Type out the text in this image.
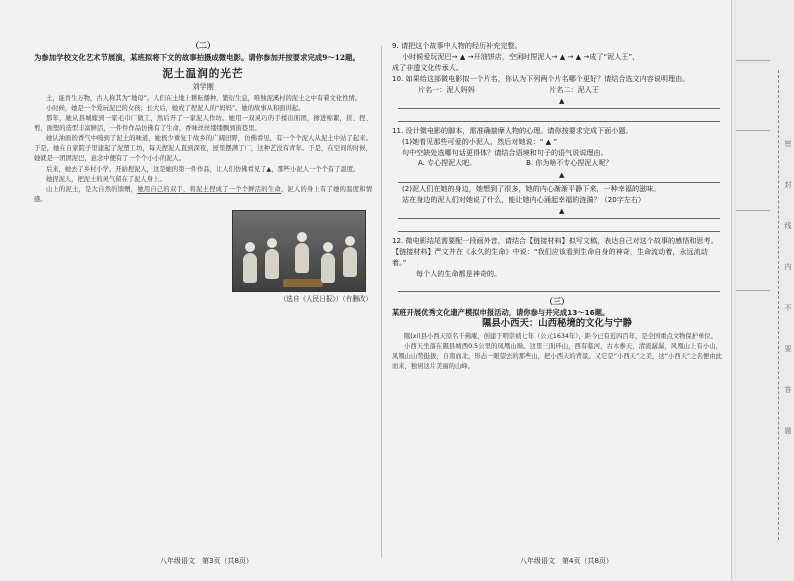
（二）
为参加学校文化艺术节展演，某班拟将下文的故事拍摄成微电影。请你参加并按要求完成9～12题。
泥土温润的光芒
刘学刚

土，能育生万物，古人称其为“地母”。人们在土地上耕耘播种、繁衍生息，唯独泥溪村的泥土之中有着文化性情。

小时候，她是一个爱玩泥巴的女孩；长大后，她成了捏泥人的“妈妈”。她的故事从和面讲起。

那年，她从县城嫁到一家毛巾厂做工，然后开了一家泥人作坊。她用一双灵巧的手揉出面团，掺进棉絮，搓、捏、剪，面塑的造型丰富鲜活，一件件作品仿佛有了生命，香味丝丝缕缕飘到街巷里。

她认油面的香气中嗅到了泥土的味道，她极少重复于故乡的广阔田野，仿佛看见，有一个个泥人从泥土中站了起来。于是，她在自家院子里建起了泥塑工坊，每天捏泥人直到深夜，屋里摆满了厂，这种艺没有青年。于是，在空间的时候，她就是一团团泥巴，意念中便有了一个个小小的泥人。

后来，她去了乡村小学，开始捏泥人，这是她的第一件作品，让人们仿佛看见了▲，那些小泥人一个个有了温度。

她捏泥人，把泥土的灵气留在了泥人身上。

山上的泥土，是大自然的馈赠，她用自己的双手，将泥土捏成了一个个鲜活的生命，泥人的身上有了她的温度和情感。

（选自《人民日报》）（有删改）
9. 请把这个故事中人物的经历补充完整。
小时候爱玩泥巴→ ▲ →开油饼店，空闲时捏泥人→ ▲ → ▲ →成了“泥人王”，
成了非遗文化传承人。
10. 如果给这部微电影拟一个片名，你认为下列两个片名哪个更好？请结合选文内容说明理由。
片名一：泥人妈妈	片名二：泥人王
▲
11. 设计微电影的脚本，需准确揣摩人物的心理。请你按要求完成下面小题。
(1)她看见那些可爱的小泥人，然后对她说：“ ▲ ”
句中空缺处选哪句话更得体？请结合语境和句子的语气说说理由。
A. 专心捏泥人吧。	B. 你为啥不专心捏泥人呢？
▲
(2)泥人们在她的身边，她想到了很多，她的内心渐渐平静下来，一种幸福的滋味。
站在身边的泥人们对她说了什么，能让她内心涌起幸福的涟漪？（20字左右）
▲
12. 微电影结尾需要配一段画外音，请结合【链接材料】拟写文稿，表达自己对这个故事的感悟和思考。
【链接材料】严文井在《永久的生命》中说：“我们应该看到生命自身的神奇，生命流动着，永远流动着。”
每个人的生命都是神奇的。
（三）
某班开展优秀文化遗产模拟申报活动，请你参与并完成13～16题。
隰县小西天：山西秘境的文化与宁静

隰(xí)县小西天原名千佛庵，创建于明崇祯七年（公元1634年），距今已有近四百年，是全国重点文物保护单位。

小西天坐落在隰县城西0.5公里的凤凰山巅。这里三面环山，西有临河，古木参天，清流潺潺，风凰山上有小山，凤凰山山势挺拔，自南而北，形态一眼望去的那些山，把小西天的背景。又它是“小西天”之美，这“小西天”之名便由此而来，独居这片美丽的山峰。

八年级语文　第3页（共8页）	八年级语文　第4页（共8页）
密
封
线
内
不
要
答
题
